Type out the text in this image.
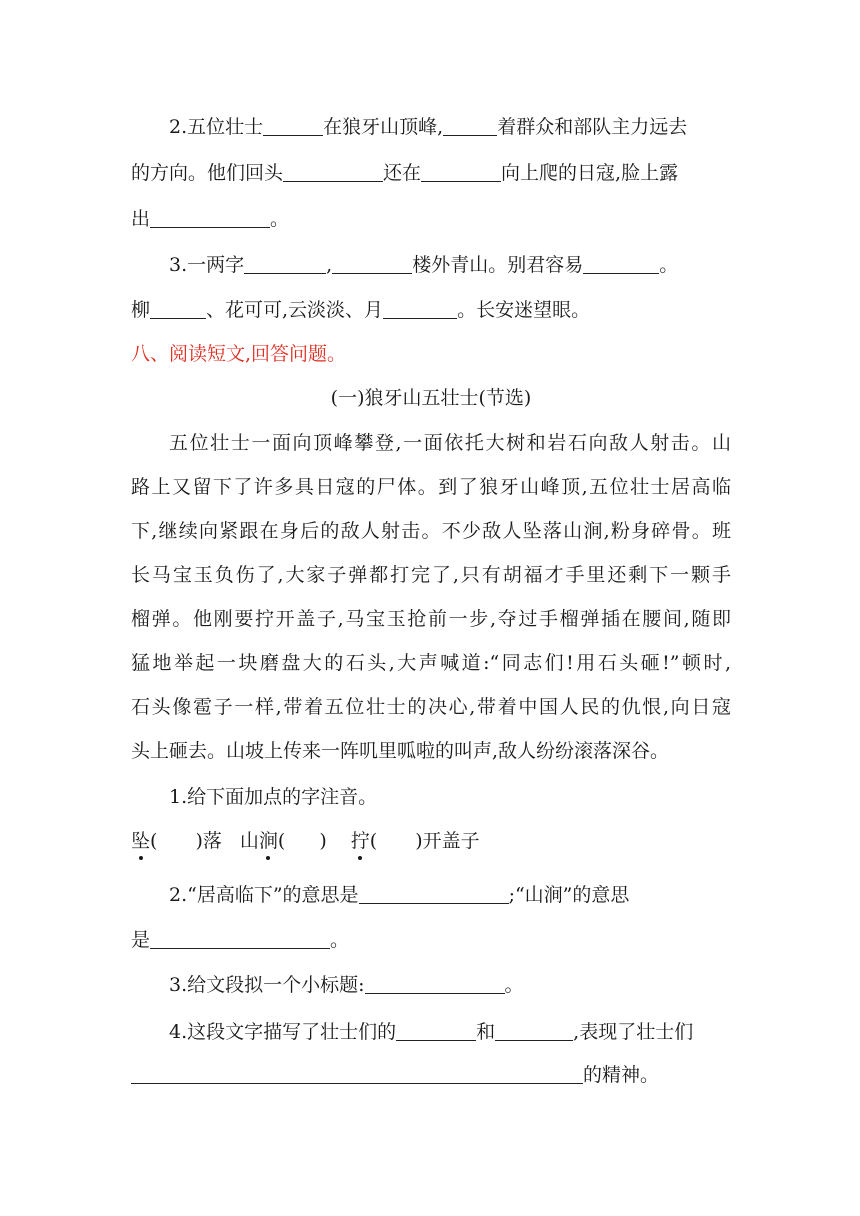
2.五位壮士	在狼牙山顶峰,	着群众和部队主力远去
的方向。他们回头	还在	向上爬的日寇,脸上露
出	。
3.一两字	,	楼外青山。别君容易	。
柳	、花可可,云淡淡、月	。长安迷望眼。
八、阅读短文,回答问题。
(一)狼牙山五壮士(节选)
五位壮士一面向顶峰攀登,一面依托大树和岩石向敌人射击。山
路上又留下了许多具日寇的尸体。到了狼牙山峰顶,五位壮士居高临
下,继续向紧跟在身后的敌人射击。不少敌人坠落山涧,粉身碎骨。班
长马宝玉负伤了,大家子弹都打完了,只有胡福才手里还剩下一颗手
榴弹。他刚要拧开盖子,马宝玉抢前一步,夺过手榴弹插在腰间,随即
猛地举起一块磨盘大的石头,大声喊道:“同志们!用石头砸!”顿时,
石头像雹子一样,带着五位壮士的决心,带着中国人民的仇恨,向日寇
头上砸去。山坡上传来一阵叽里呱啦的叫声,敌人纷纷滚落深谷。
1.给下面加点的字注音。
坠( )落 山涧( ) 拧( )开盖子
2.“居高临下”的意思是	;“山涧”的意思
是	。
3.给文段拟一个小标题:	。
4.这段文字描写了壮士们的	和	,表现了壮士们
的精神。
